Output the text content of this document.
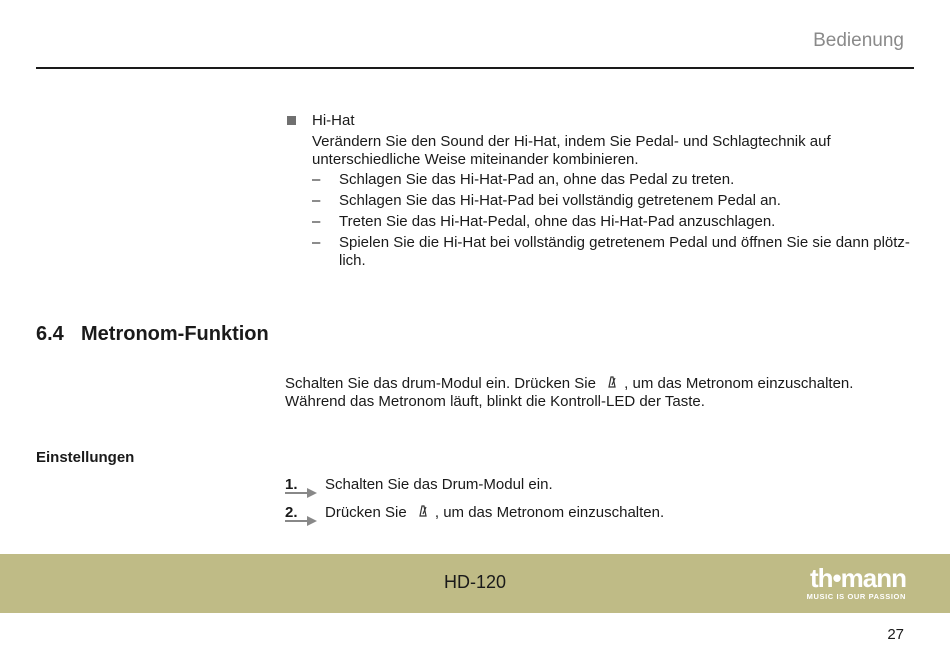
Bedienung
Hi-Hat
Verändern Sie den Sound der Hi-Hat, indem Sie Pedal- und Schlagtechnik auf unterschiedliche Weise miteinander kombinieren.
– Schlagen Sie das Hi-Hat-Pad an, ohne das Pedal zu treten.
– Schlagen Sie das Hi-Hat-Pad bei vollständig getretenem Pedal an.
– Treten Sie das Hi-Hat-Pedal, ohne das Hi-Hat-Pad anzuschlagen.
– Spielen Sie die Hi-Hat bei vollständig getretenem Pedal und öffnen Sie sie dann plötzlich.
6.4 Metronom-Funktion
Schalten Sie das drum-Modul ein. Drücken Sie , um das Metronom einzuschalten. Während das Metronom läuft, blinkt die Kontroll-LED der Taste.
Einstellungen
1.	Schalten Sie das Drum-Modul ein.
2.	Drücken Sie , um das Metronom einzuschalten.
HD-120	th•mann
MUSIC IS OUR PASSION
27
